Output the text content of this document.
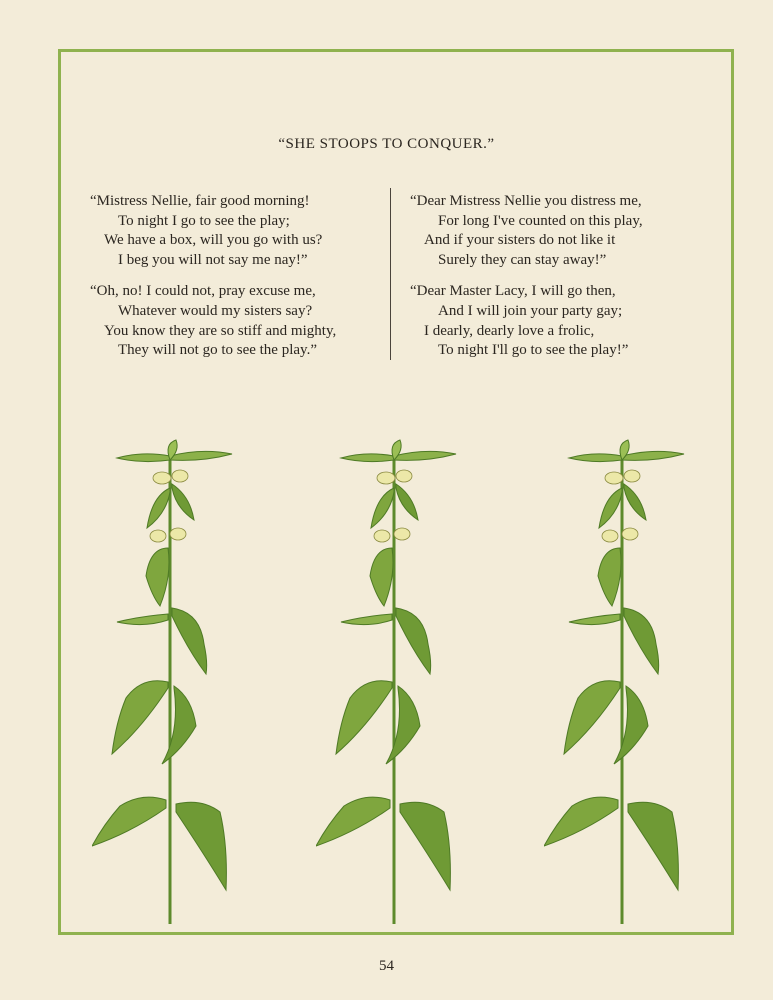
“SHE STOOPS TO CONQUER.”
“Mistress Nellie, fair good morning!
To night I go to see the play;
We have a box, will you go with us?
I beg you will not say me nay!”
“Oh, no! I could not, pray excuse me,
Whatever would my sisters say?
You know they are so stiff and mighty,
They will not go to see the play.”
“Dear Mistress Nellie you distress me,
For long I've counted on this play,
And if your sisters do not like it
Surely they can stay away!”
“Dear Master Lacy, I will go then,
And I will join your party gay;
I dearly, dearly love a frolic,
To night I'll go to see the play!”
54
